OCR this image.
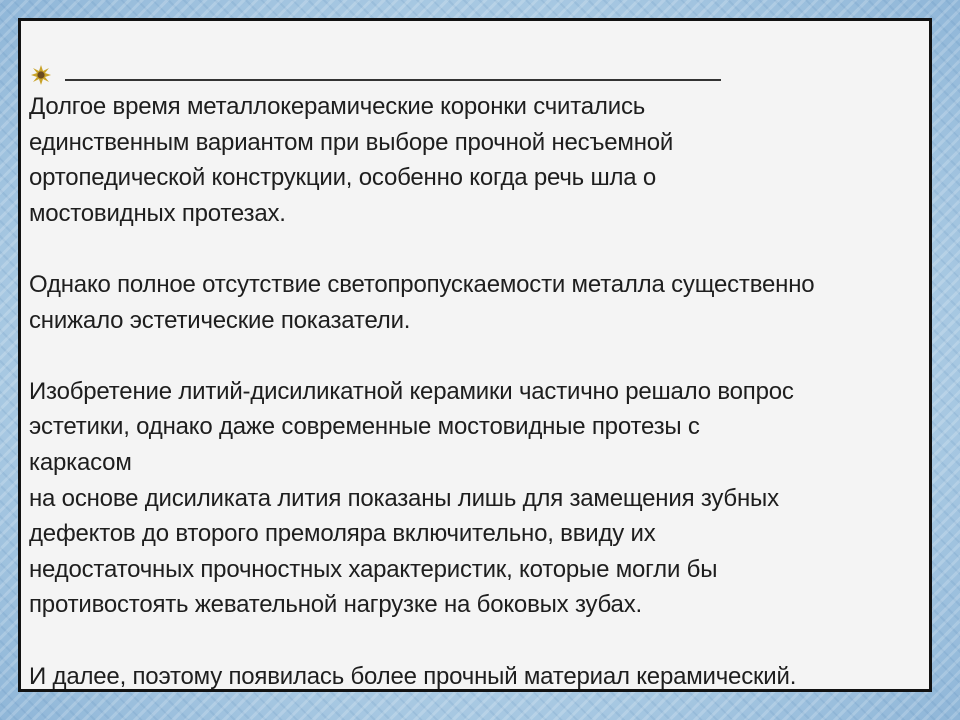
Долгое время металлокерамические коронки считались
единственным вариантом при выборе прочной несъемной
ортопедической конструкции, особенно когда речь шла о
мостовидных протезах.

Однако полное отсутствие светопропускаемости металла существенно
снижало эстетические показатели.

Изобретение литий-дисиликатной керамики частично решало вопрос
эстетики, однако даже современные мостовидные протезы с
каркасом
на основе дисиликата лития показаны лишь для замещения зубных
дефектов до второго премоляра включительно, ввиду их
недостаточных прочностных характеристик, которые могли бы
противостоять жевательной нагрузке на боковых зубах.

И далее, поэтому появилась более прочный материал керамический.
